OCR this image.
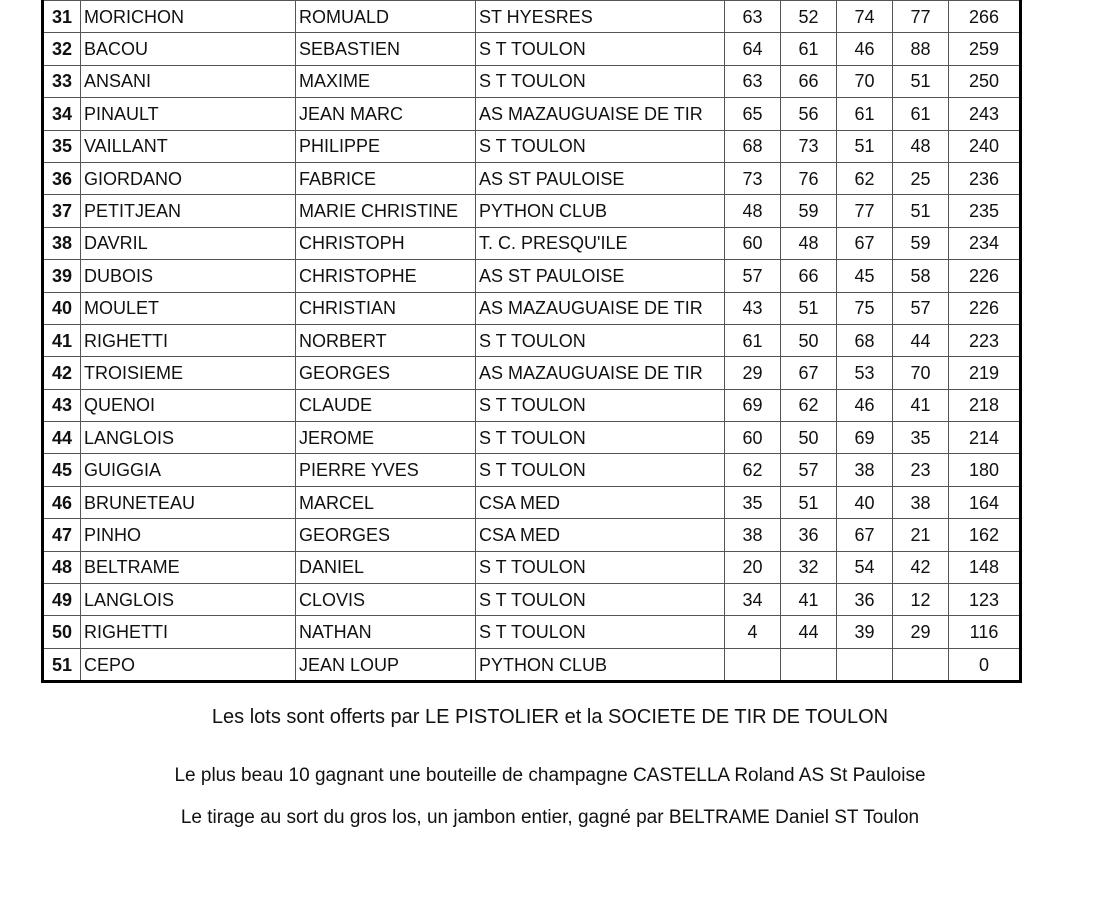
31	MORICHON	ROMUALD	ST HYESRES	63	52	74	77	266
32	BACOU	SEBASTIEN	S T TOULON	64	61	46	88	259
33	ANSANI	MAXIME	S T TOULON	63	66	70	51	250
34	PINAULT	JEAN MARC	AS MAZAUGUAISE DE TIR	65	56	61	61	243
35	VAILLANT	PHILIPPE	S T TOULON	68	73	51	48	240
36	GIORDANO	FABRICE	AS ST PAULOISE	73	76	62	25	236
37	PETITJEAN	MARIE CHRISTINE	PYTHON CLUB	48	59	77	51	235
38	DAVRIL	CHRISTOPH	T. C. PRESQU'ILE	60	48	67	59	234
39	DUBOIS	CHRISTOPHE	AS ST PAULOISE	57	66	45	58	226
40	MOULET	CHRISTIAN	AS MAZAUGUAISE DE TIR	43	51	75	57	226
41	RIGHETTI	NORBERT	S T TOULON	61	50	68	44	223
42	TROISIEME	GEORGES	AS MAZAUGUAISE DE TIR	29	67	53	70	219
43	QUENOI	CLAUDE	S T TOULON	69	62	46	41	218
44	LANGLOIS	JEROME	S T TOULON	60	50	69	35	214
45	GUIGGIA	PIERRE YVES	S T TOULON	62	57	38	23	180
46	BRUNETEAU	MARCEL	CSA MED	35	51	40	38	164
47	PINHO	GEORGES	CSA MED	38	36	67	21	162
48	BELTRAME	DANIEL	S T TOULON	20	32	54	42	148
49	LANGLOIS	CLOVIS	S T TOULON	34	41	36	12	123
50	RIGHETTI	NATHAN	S T TOULON	4	44	39	29	116
51	CEPO	JEAN LOUP	PYTHON CLUB					0
Les lots sont offerts par LE PISTOLIER et la SOCIETE DE TIR DE TOULON
Le plus beau 10 gagnant une bouteille de champagne CASTELLA Roland AS St Pauloise
Le tirage au sort du gros los, un jambon entier, gagné par BELTRAME Daniel ST Toulon
